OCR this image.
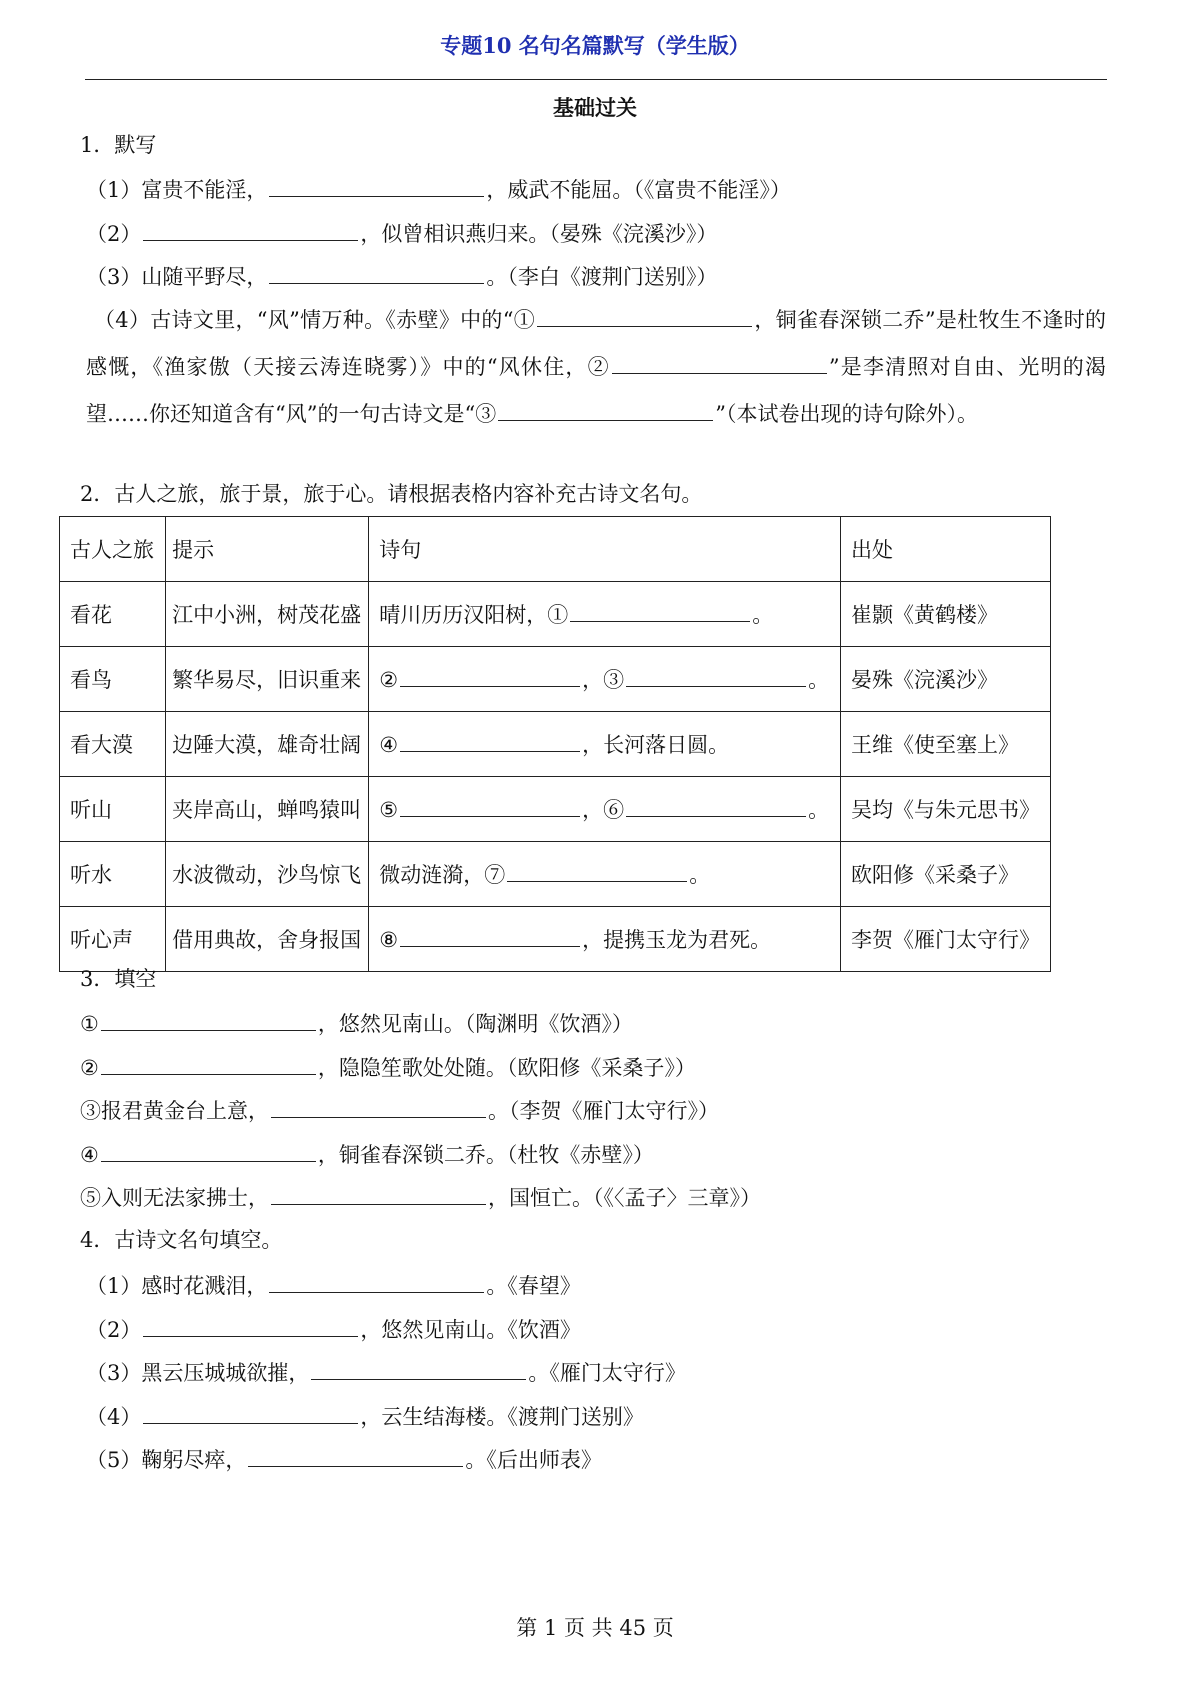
专题10 名句名篇默写（学生版）
基础过关
1．默写
（1）富贵不能淫，	，威武不能屈。（《富贵不能淫》）
（2）	，似曾相识燕归来。（晏殊《浣溪沙》）
（3）山随平野尽，	。（李白《渡荆门送别》）
（4）古诗文里，“风”情万种。《赤壁》中的“①	，铜雀春深锁二乔”是杜牧生不逢时的感慨，《渔家傲（天接云涛连晓雾）》中的“风休住，②	”是李清照对自由、光明的渴望……你还知道含有“风”的一句古诗文是“③	”（本试卷出现的诗句除外）。
2．古人之旅，旅于景，旅于心。请根据表格内容补充古诗文名句。
古人之旅	提示	诗句	出处
看花	江中小洲，树茂花盛	晴川历历汉阳树，① 。	崔颢《黄鹤楼》
看鸟	繁华易尽，旧识重来	② ，③ 。	晏殊《浣溪沙》
看大漠	边陲大漠，雄奇壮阔	④ ，长河落日圆。	王维《使至塞上》
听山	夹岸高山，蝉鸣猿叫	⑤ ，⑥ 。	吴均《与朱元思书》
听水	水波微动，沙鸟惊飞	微动涟漪，⑦ 。	欧阳修《采桑子》
听心声	借用典故，舍身报国	⑧ ，提携玉龙为君死。	李贺《雁门太守行》
3．填空
①	，悠然见南山。（陶渊明《饮酒》）
②	，隐隐笙歌处处随。（欧阳修《采桑子》）
③报君黄金台上意，	。（李贺《雁门太守行》）
④	，铜雀春深锁二乔。（杜牧《赤壁》）
⑤入则无法家拂士，	，国恒亡。（《〈孟子〉三章》）
4．古诗文名句填空。
（1）感时花溅泪，	。《春望》
（2）	，悠然见南山。《饮酒》
（3）黑云压城城欲摧，	。《雁门太守行》
（4）	，云生结海楼。《渡荆门送别》
（5）鞠躬尽瘁，	。《后出师表》
第 1 页 共 45 页
